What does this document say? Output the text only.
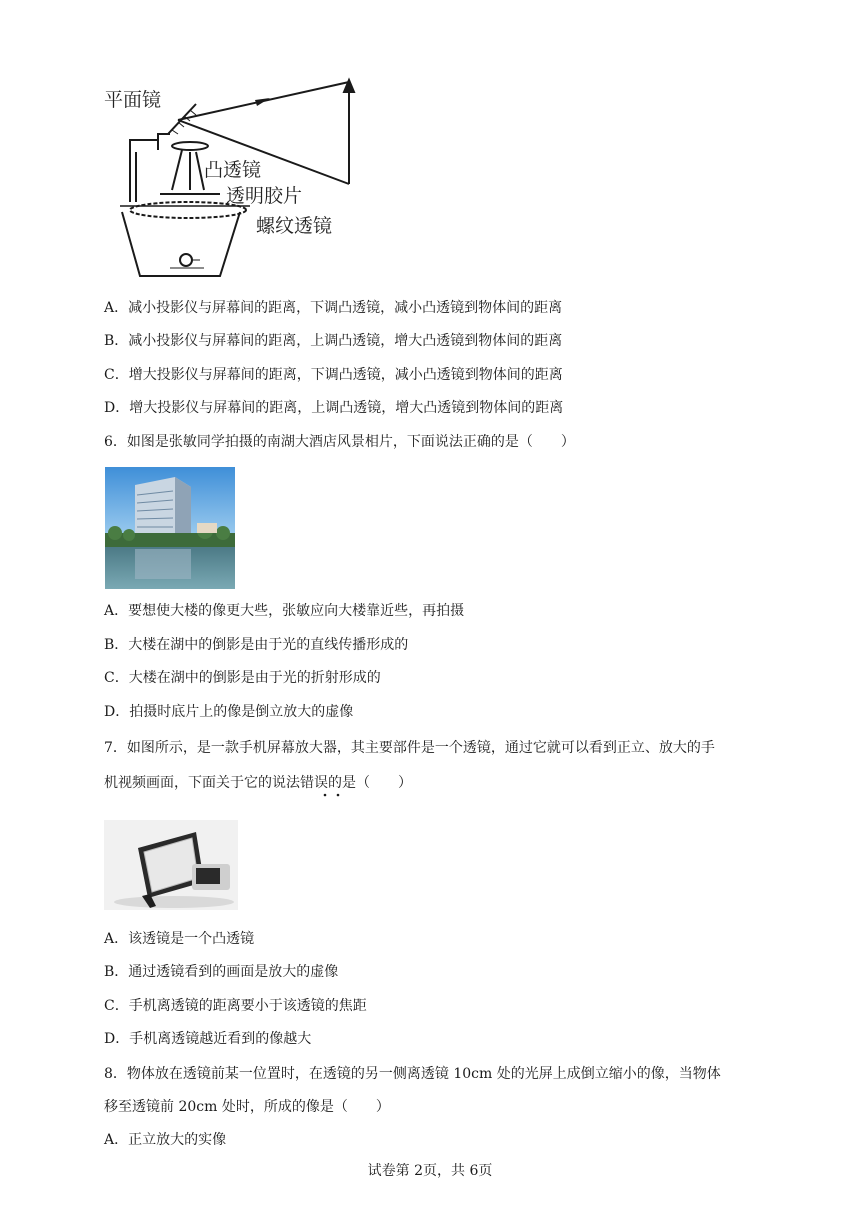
平面镜
凸透镜
透明胶片
螺纹透镜
A．减小投影仪与屏幕间的距离，下调凸透镜，减小凸透镜到物体间的距离
B．减小投影仪与屏幕间的距离，上调凸透镜，增大凸透镜到物体间的距离
C．增大投影仪与屏幕间的距离，下调凸透镜，减小凸透镜到物体间的距离
D．增大投影仪与屏幕间的距离，上调凸透镜，增大凸透镜到物体间的距离
6．如图是张敏同学拍摄的南湖大酒店风景相片，下面说法正确的是（　　）
A．要想使大楼的像更大些，张敏应向大楼靠近些，再拍摄
B．大楼在湖中的倒影是由于光的直线传播形成的
C．大楼在湖中的倒影是由于光的折射形成的
D．拍摄时底片上的像是倒立放大的虚像
7．如图所示，是一款手机屏幕放大器，其主要部件是一个透镜，通过它就可以看到正立、放大的手
机视频画面，下面关于它的说法错误的是（　　）
A．该透镜是一个凸透镜
B．通过透镜看到的画面是放大的虚像
C．手机离透镜的距离要小于该透镜的焦距
D．手机离透镜越近看到的像越大
8．物体放在透镜前某一位置时，在透镜的另一侧离透镜 10cm 处的光屏上成倒立缩小的像，当物体
移至透镜前 20cm 处时，所成的像是（　　）
A．正立放大的实像
试卷第 2页，共 6页
